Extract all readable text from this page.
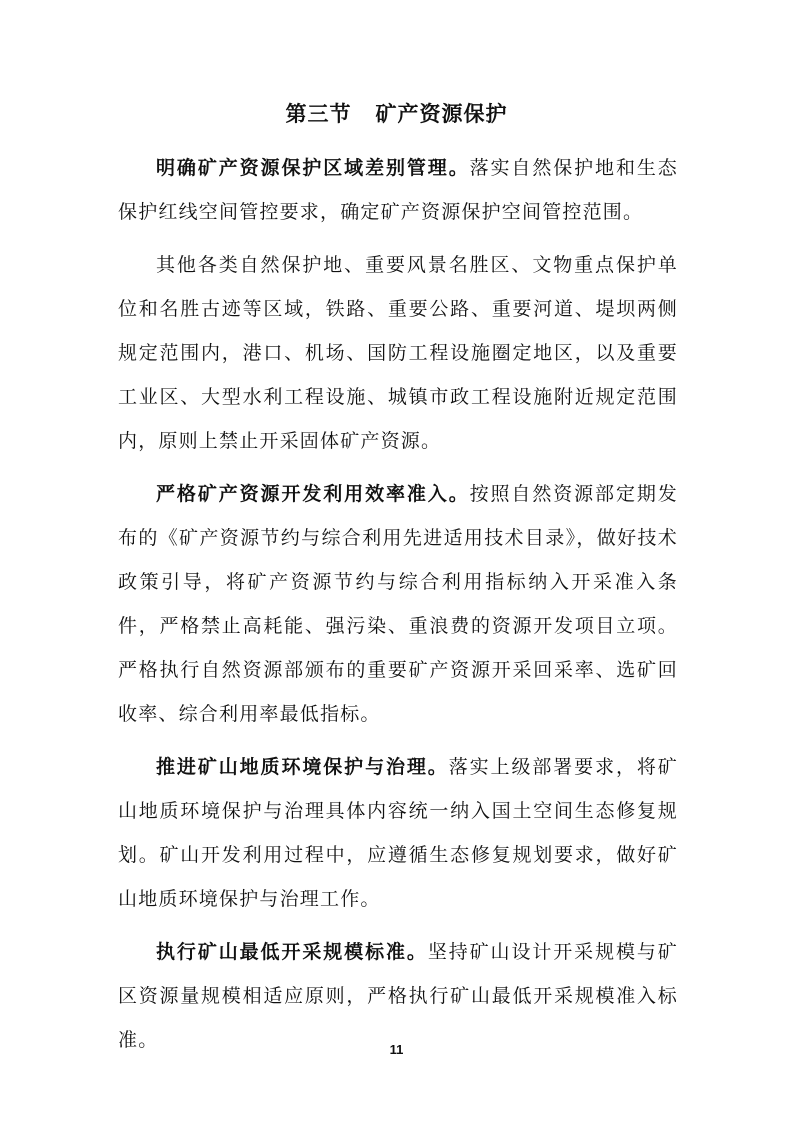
第三节 矿产资源保护

明确矿产资源保护区域差别管理。落实自然保护地和生态保护红线空间管控要求，确定矿产资源保护空间管控范围。

其他各类自然保护地、重要风景名胜区、文物重点保护单位和名胜古迹等区域，铁路、重要公路、重要河道、堤坝两侧规定范围内，港口、机场、国防工程设施圈定地区，以及重要工业区、大型水利工程设施、城镇市政工程设施附近规定范围内，原则上禁止开采固体矿产资源。

严格矿产资源开发利用效率准入。按照自然资源部定期发布的《矿产资源节约与综合利用先进适用技术目录》，做好技术政策引导，将矿产资源节约与综合利用指标纳入开采准入条件，严格禁止高耗能、强污染、重浪费的资源开发项目立项。严格执行自然资源部颁布的重要矿产资源开采回采率、选矿回收率、综合利用率最低指标。

推进矿山地质环境保护与治理。落实上级部署要求，将矿山地质环境保护与治理具体内容统一纳入国土空间生态修复规划。矿山开发利用过程中，应遵循生态修复规划要求，做好矿山地质环境保护与治理工作。

执行矿山最低开采规模标准。坚持矿山设计开采规模与矿区资源量规模相适应原则，严格执行矿山最低开采规模准入标准。	11
